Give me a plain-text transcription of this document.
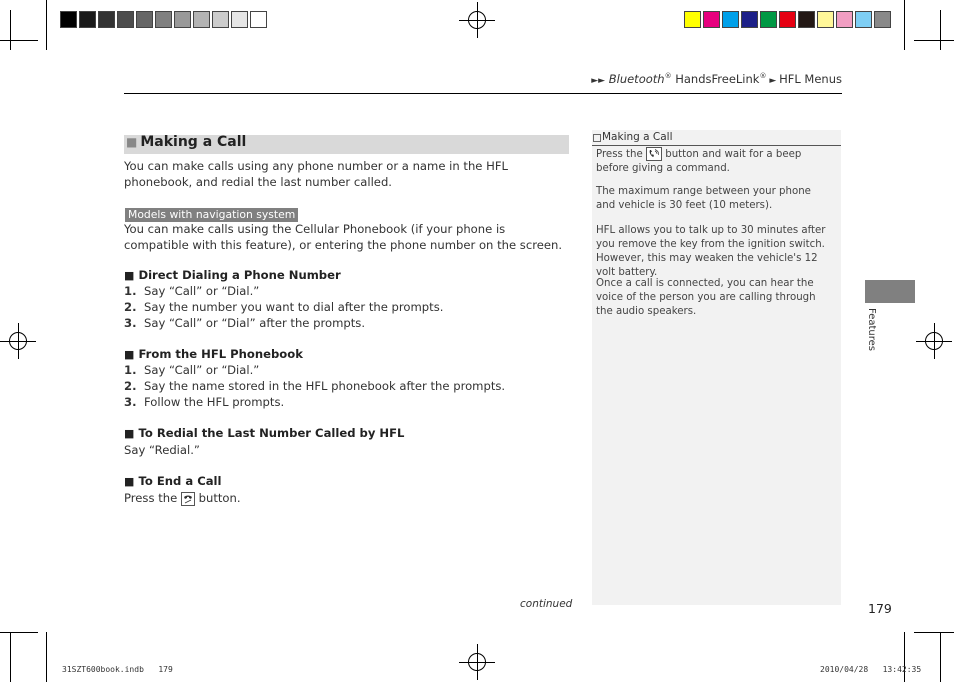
►► Bluetooth® HandsFreeLink® ► HFL Menus
■ Making a Call
You can make calls using any phone number or a name in the HFL phonebook, and redial the last number called.
Models with navigation system
You can make calls using the Cellular Phonebook (if your phone is compatible with this feature), or entering the phone number on the screen.
■ Direct Dialing a Phone Number
1. Say “Call” or “Dial.”
2. Say the number you want to dial after the prompts.
3. Say “Call” or “Dial” after the prompts.
■ From the HFL Phonebook
1. Say “Call” or “Dial.”
2. Say the name stored in the HFL phonebook after the prompts.
3. Follow the HFL prompts.
■ To Redial the Last Number Called by HFL
Say “Redial.”
■ To End a Call
Press the
button.
continued
Making a Call
Press the
button and wait for a beep before giving a command.
The maximum range between your phone and vehicle is 30 feet (10 meters).
HFL allows you to talk up to 30 minutes after you remove the key from the ignition switch. However, this may weaken the vehicle's 12 volt battery.
Once a call is connected, you can hear the voice of the person you are calling through the audio speakers.	Features
179
31SZT600book.indb   179	2010/04/28   13:42:35
